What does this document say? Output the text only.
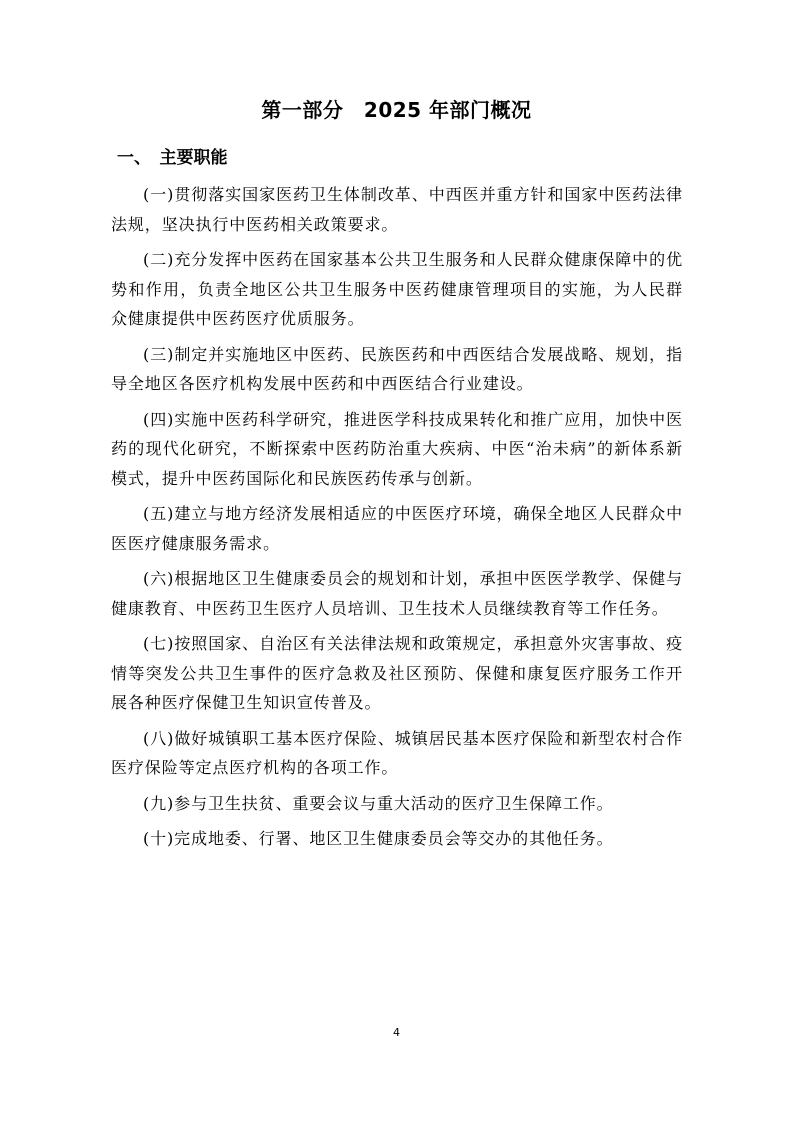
第一部分　2025 年部门概况
一、　主要职能

(一)贯彻落实国家医药卫生体制改革、中西医并重方针和国家中医药法律法规，坚决执行中医药相关政策要求。

(二)充分发挥中医药在国家基本公共卫生服务和人民群众健康保障中的优势和作用，负责全地区公共卫生服务中医药健康管理项目的实施，为人民群众健康提供中医药医疗优质服务。

(三)制定并实施地区中医药、民族医药和中西医结合发展战略、规划，指导全地区各医疗机构发展中医药和中西医结合行业建设。

(四)实施中医药科学研究，推进医学科技成果转化和推广应用，加快中医药的现代化研究，不断探索中医药防治重大疾病、中医“治未病”的新体系新模式，提升中医药国际化和民族医药传承与创新。

(五)建立与地方经济发展相适应的中医医疗环境，确保全地区人民群众中医医疗健康服务需求。

(六)根据地区卫生健康委员会的规划和计划，承担中医医学教学、保健与健康教育、中医药卫生医疗人员培训、卫生技术人员继续教育等工作任务。

(七)按照国家、自治区有关法律法规和政策规定，承担意外灾害事故、疫情等突发公共卫生事件的医疗急救及社区预防、保健和康复医疗服务工作开展各种医疗保健卫生知识宣传普及。

(八)做好城镇职工基本医疗保险、城镇居民基本医疗保险和新型农村合作医疗保险等定点医疗机构的各项工作。

(九)参与卫生扶贫、重要会议与重大活动的医疗卫生保障工作。

(十)完成地委、行署、地区卫生健康委员会等交办的其他任务。

4
